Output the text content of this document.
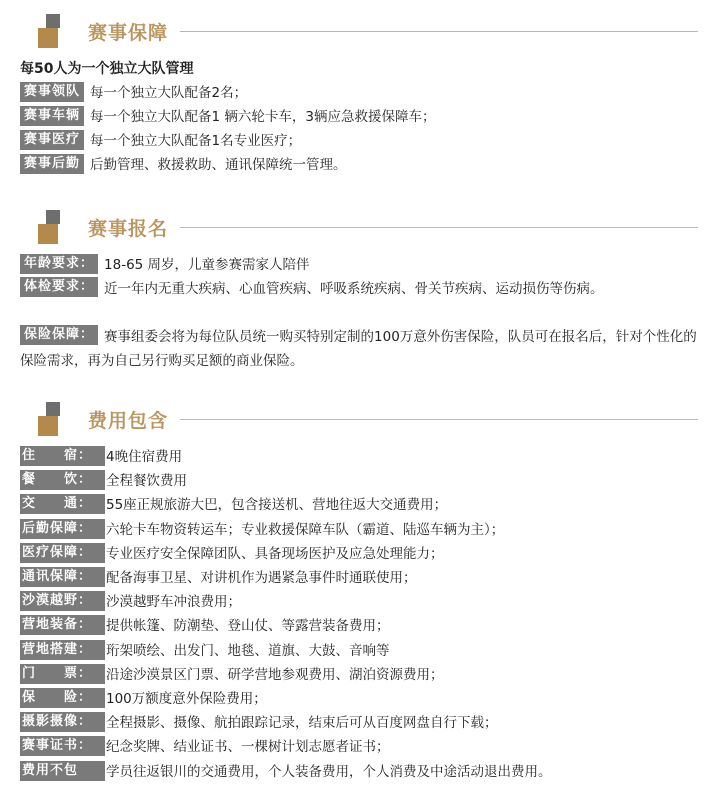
赛事保障
每50人为一个独立大队管理
赛事领队 每一个独立大队配备2名；
赛事车辆 每一个独立大队配备1 辆六轮卡车，3辆应急救援保障车；
赛事医疗 每一个独立大队配备1名专业医疗；
赛事后勤 后勤管理、救援救助、通讯保障统一管理。
赛事报名
年龄要求： 18-65 周岁，儿童参赛需家人陪伴
体检要求： 近一年内无重大疾病、心血管疾病、呼吸系统疾病、骨关节疾病、运动损伤等伤病。
保险保障： 赛事组委会将为每位队员统一购买特别定制的100万意外伤害保险，队员可在报名后，针对个性化的保险需求，再为自己另行购买足额的商业保险。
费用包含
住　　宿： 4晚住宿费用
餐　　饮： 全程餐饮费用
交　　通： 55座正规旅游大巴，包含接送机、营地往返大交通费用；
后勤保障： 六轮卡车物资转运车；专业救援保障车队（霸道、陆巡车辆为主）；
医疗保障： 专业医疗安全保障团队、具备现场医护及应急处理能力；
通讯保障： 配备海事卫星、对讲机作为遇紧急事件时通联使用；
沙漠越野： 沙漠越野车冲浪费用；
营地装备： 提供帐篷、防潮垫、登山仗、等露营装备费用；
营地搭建： 珩架喷绘、出发门、地毯、道旗、大鼓、音响等
门　　票： 沿途沙漠景区门票、研学营地参观费用、湖泊资源费用；
保　　险： 100万额度意外保险费用；
摄影摄像： 全程摄影、摄像、航拍跟踪记录，结束后可从百度网盘自行下载；
赛事证书： 纪念奖牌、结业证书、一棵树计划志愿者证书；
费用不包含：学员往返银川的交通费用，个人装备费用，个人消费及中途活动退出费用。
